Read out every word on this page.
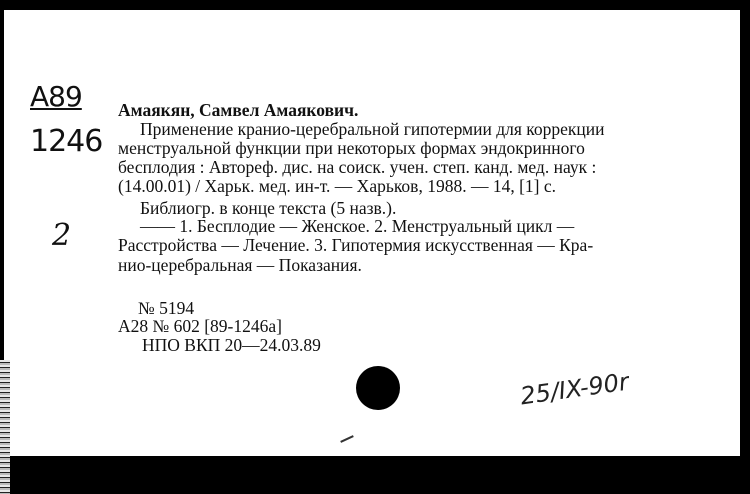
A89
1246
2
Амаякян, Самвел Амаякович.
Применение кранио-церебральной гипотермии для коррекции
менструальной функции при некоторых формах эндокринного
бесплодия : Автореф. дис. на соиск. учен. степ. канд. мед. наук :
(14.00.01) / Харьк. мед. ин-т. — Харьков, 1988. — 14, [1] с.
Библиогр. в конце текста (5 назв.).
—— 1. Бесплодие — Женское. 2. Менструальный цикл —
Расстройства — Лечение. 3. Гипотермия искусственная — Кра-
нио-церебральная — Показания.
№ 5194
А28 № 602 [89-1246а]
НПО ВКП 20—24.03.89
25/IX-90r
